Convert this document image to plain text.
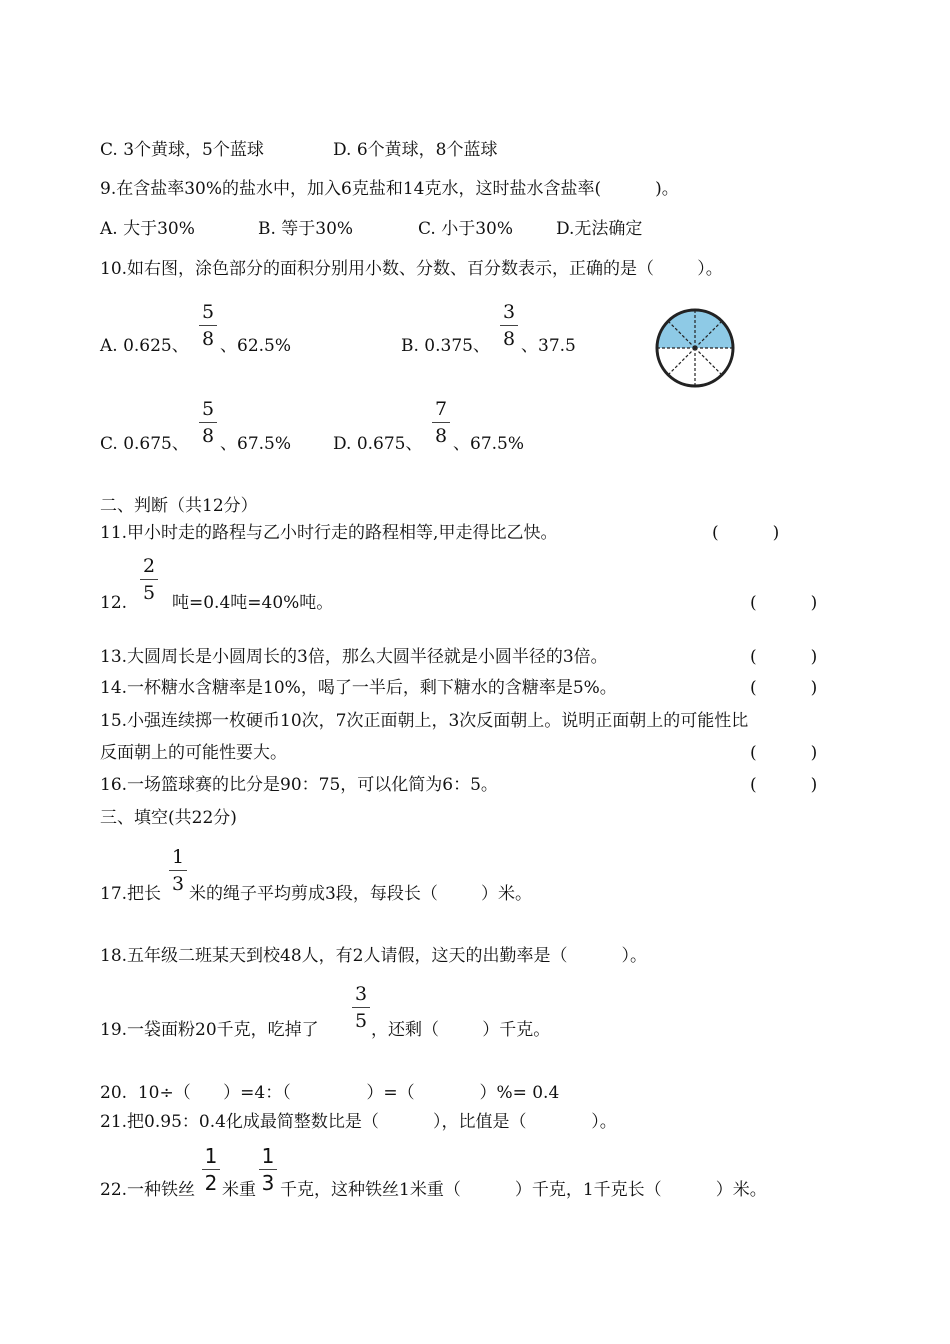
C. 3个黄球，5个蓝球	D. 6个黄球，8个蓝球
9.在含盐率30%的盐水中，加入6克盐和14克水，这时盐水含盐率(          )。
A. 大于30%	B. 等于30%	C. 小于30%	D.无法确定
10.如右图，涂色部分的面积分别用小数、分数、百分数表示，正确的是（        ）。
A. 0.625、
5
8 、62.5%	B. 0.375、
3
8 、37.5
C. 0.675、
5
8 、67.5% D. 0.675、
7
8 、67.5%
二、判断（共12分）
11.甲小时走的路程与乙小时行走的路程相等,甲走得比乙快。	(          )
12.
2
5 吨=0.4吨=40%吨。	(          )
13.大圆周长是小圆周长的3倍，那么大圆半径就是小圆半径的3倍。	(          )
14.一杯糖水含糖率是10%，喝了一半后，剩下糖水的含糖率是5%。	(          )
15.小强连续掷一枚硬币10次，7次正面朝上，3次反面朝上。说明正面朝上的可能性比
反面朝上的可能性要大。	(          )
16.一场篮球赛的比分是90：75，可以化简为6：5。	(          )
三、填空(共22分)
17.把长
1
3 米的绳子平均剪成3段，每段长（        ）米。
18.五年级二班某天到校48人，有2人请假，这天的出勤率是（          ）。
19.一袋面粉20千克，吃掉了
3
5 ，还剩（        ）千克。
20.  10÷（      ）=4：（              ）=（            ）%= 0.4
21.把0.95：0.4化成最简整数比是（          ），比值是（            ）。
22.一种铁丝
1
2 米重
1
3 千克，这种铁丝1米重（          ）千克，1千克长（          ）米。
